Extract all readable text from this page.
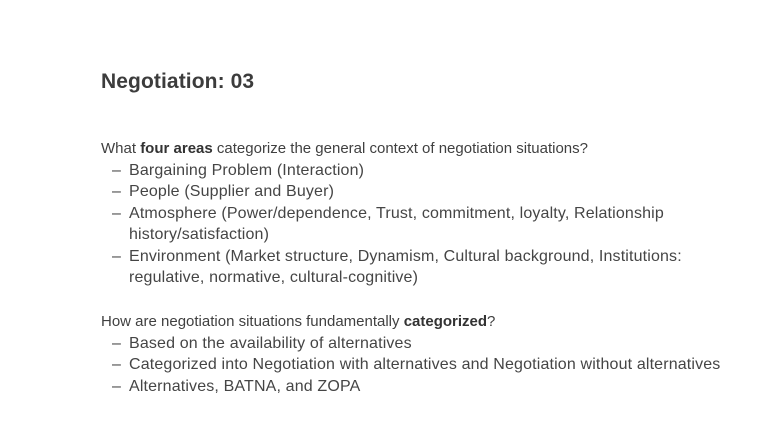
Negotiation: 03
What four areas categorize the general context of negotiation situations?
– Bargaining Problem (Interaction)
– People (Supplier and Buyer)
– Atmosphere (Power/dependence, Trust, commitment, loyalty, Relationship history/satisfaction)
– Environment (Market structure, Dynamism, Cultural background, Institutions: regulative, normative, cultural-cognitive)
How are negotiation situations fundamentally categorized?
– Based on the availability of alternatives
– Categorized into Negotiation with alternatives and Negotiation without alternatives
– Alternatives, BATNA, and ZOPA
